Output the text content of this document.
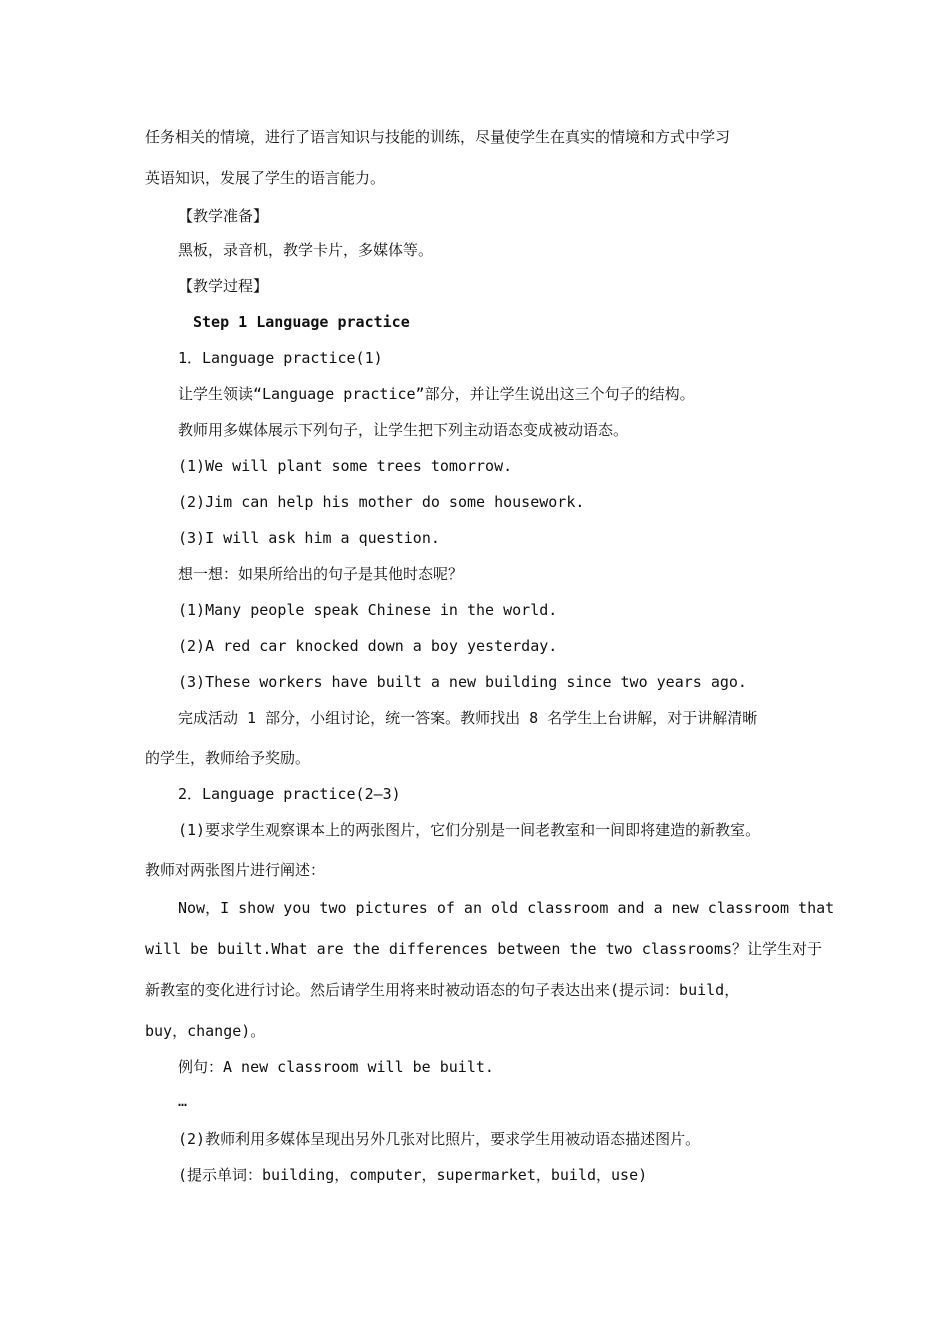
任务相关的情境，进行了语言知识与技能的训练，尽量使学生在真实的情境和方式中学习
英语知识，发展了学生的语言能力。
【教学准备】
黑板，录音机，教学卡片，多媒体等。
【教学过程】
Step 1 Language practice
1．Language practice(1)
让学生领读“Language practice”部分，并让学生说出这三个句子的结构。
教师用多媒体展示下列句子，让学生把下列主动语态变成被动语态。
(1)We will plant some trees tomorrow.
(2)Jim can help his mother do some housework.
(3)I will ask him a question.
想一想：如果所给出的句子是其他时态呢？
(1)Many people speak Chinese in the world.
(2)A red car knocked down a boy yesterday.
(3)These workers have built a new building since two years ago.
完成活动 1 部分，小组讨论，统一答案。教师找出 8 名学生上台讲解，对于讲解清晰
的学生，教师给予奖励。
2．Language practice(2—3)
(1)要求学生观察课本上的两张图片，它们分别是一间老教室和一间即将建造的新教室。
教师对两张图片进行阐述：
Now，I show you two pictures of an old classroom and a new classroom that
will be built.What are the differences between the two classrooms？让学生对于
新教室的变化进行讨论。然后请学生用将来时被动语态的句子表达出来(提示词：build，
buy，change)。
例句：A new classroom will be built.
…
(2)教师利用多媒体呈现出另外几张对比照片，要求学生用被动语态描述图片。
(提示单词：building，computer，supermarket，build，use)
